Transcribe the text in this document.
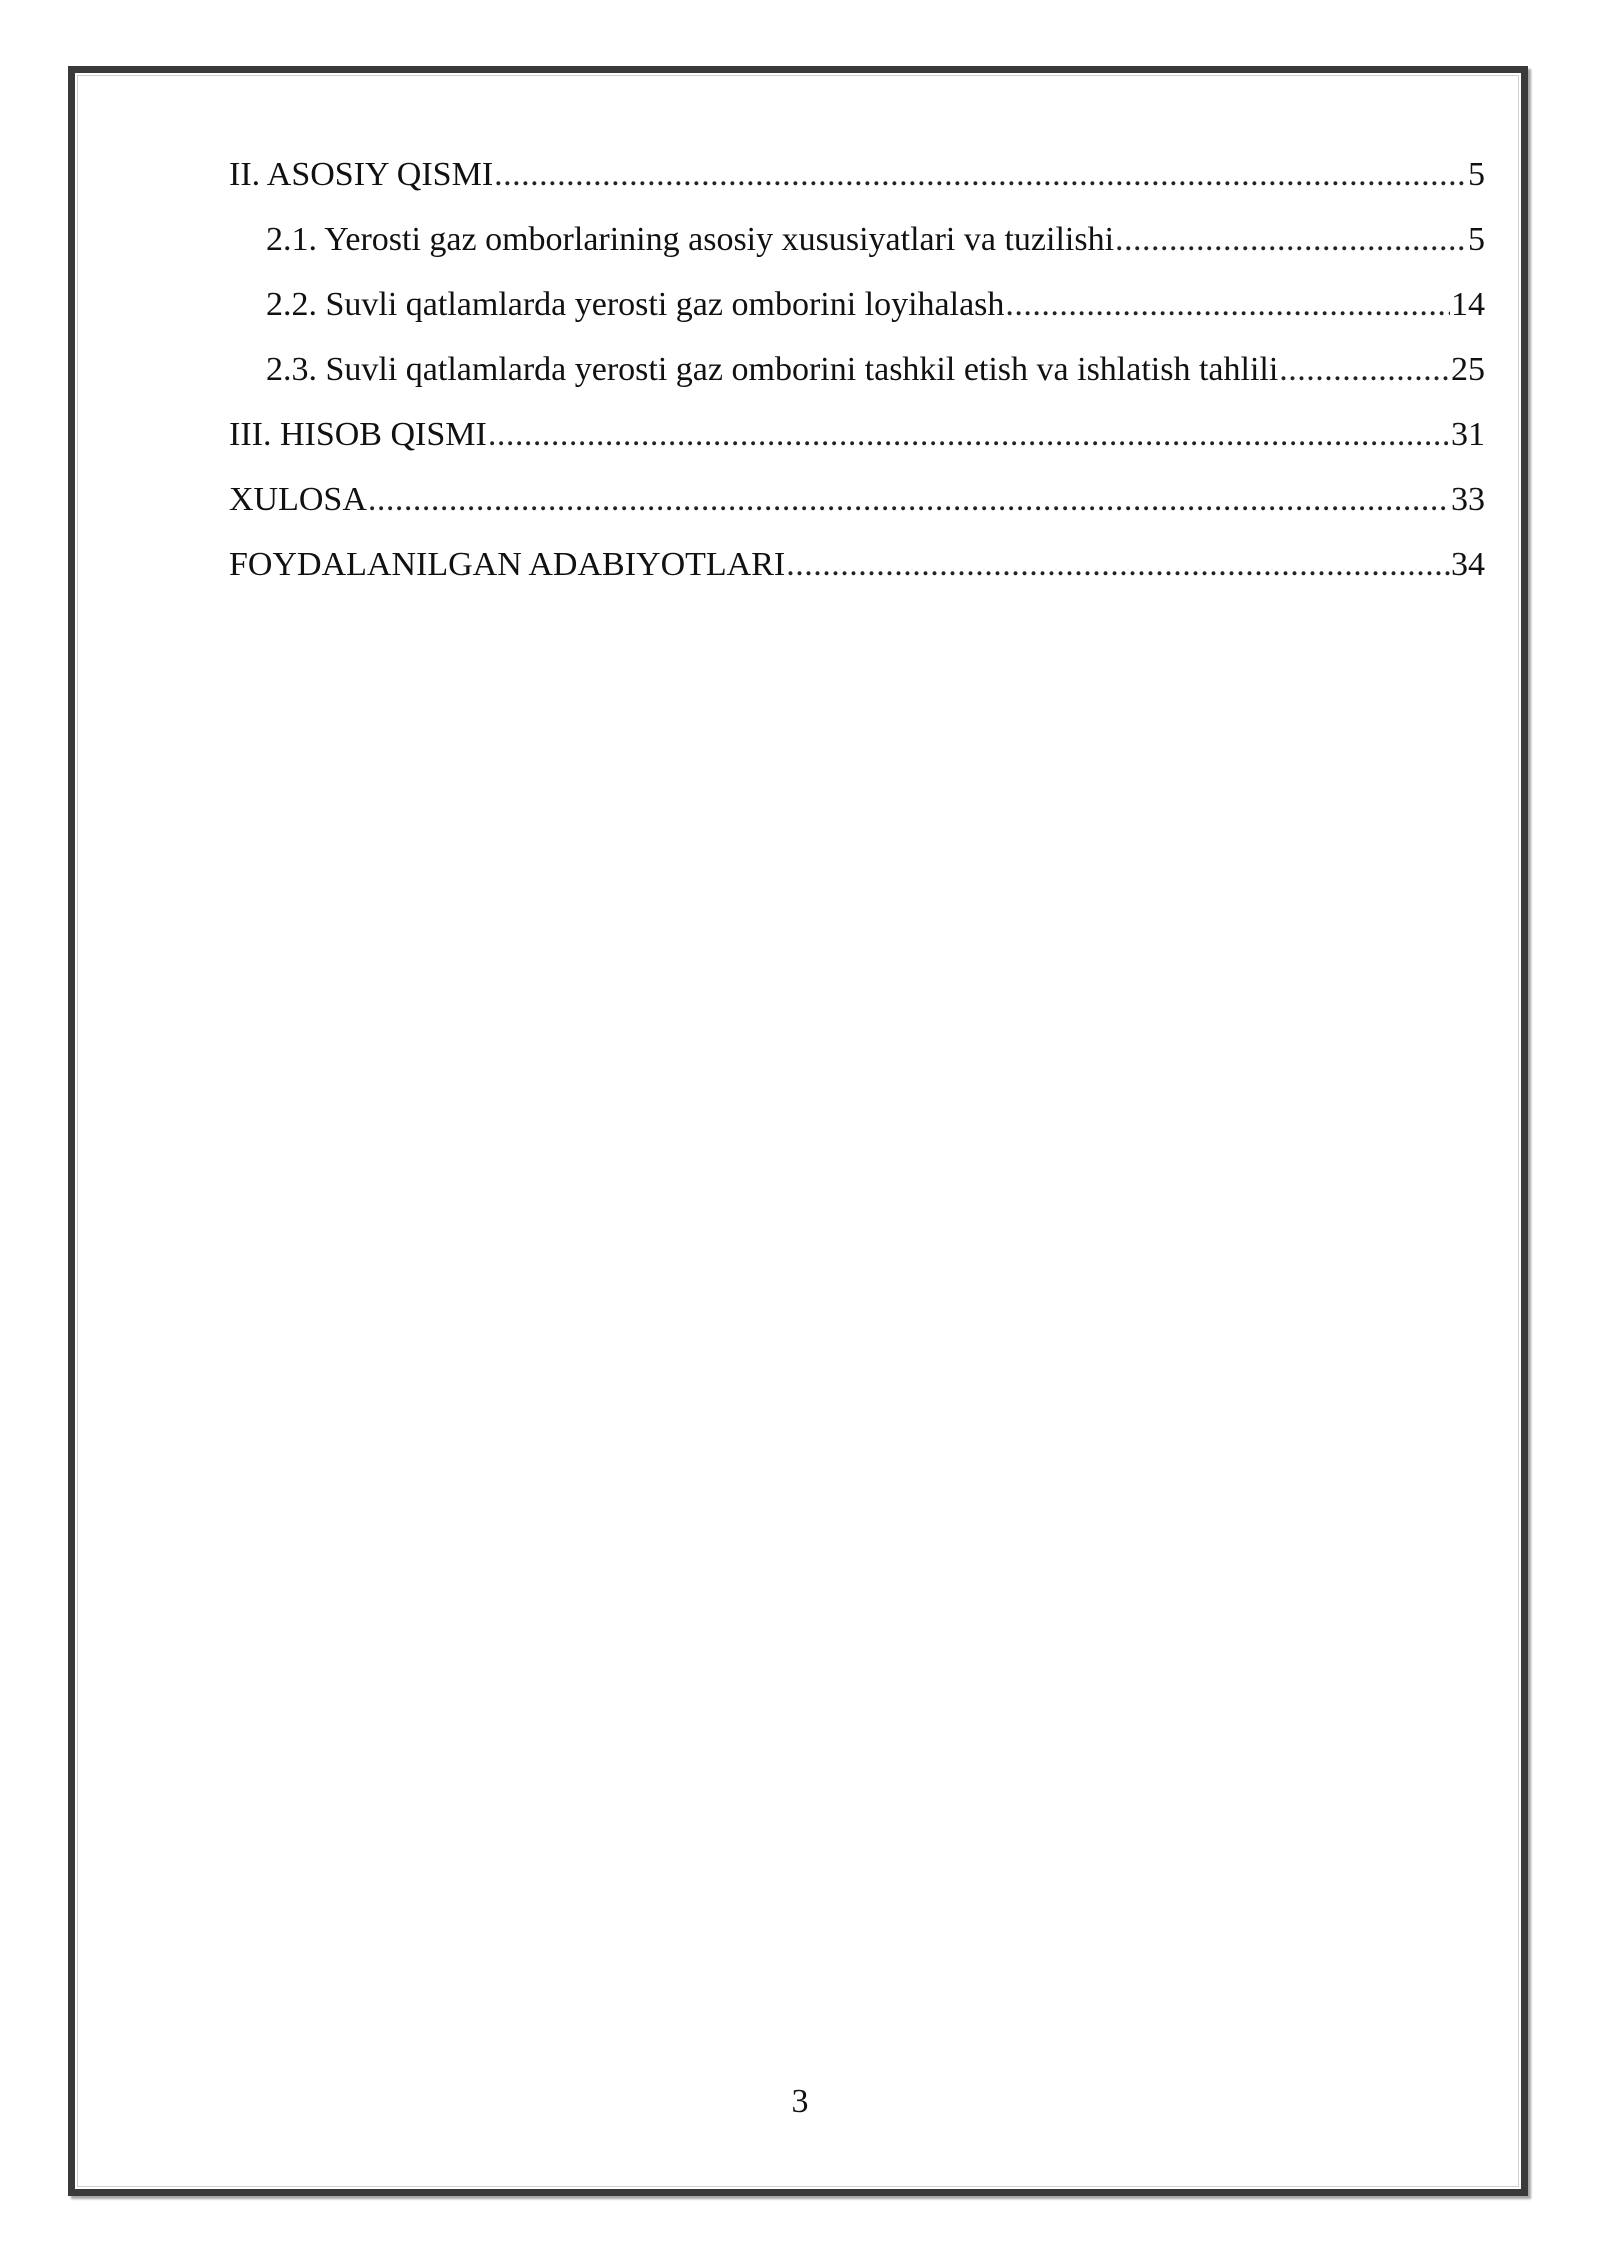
II. ASOSIY QISMI .....	5
2.1. Yerosti gaz omborlarining asosiy xususiyatlari va tuzilishi .....	5
2.2. Suvli qatlamlarda yerosti gaz omborini loyihalash .....	14
2.3. Suvli qatlamlarda yerosti gaz omborini tashkil etish va ishlatish tahlili .....	25
III. HISOB QISMI .....	31
XULOSA .....	33
FOYDALANILGAN ADABIYOTLARI .....	34
3
